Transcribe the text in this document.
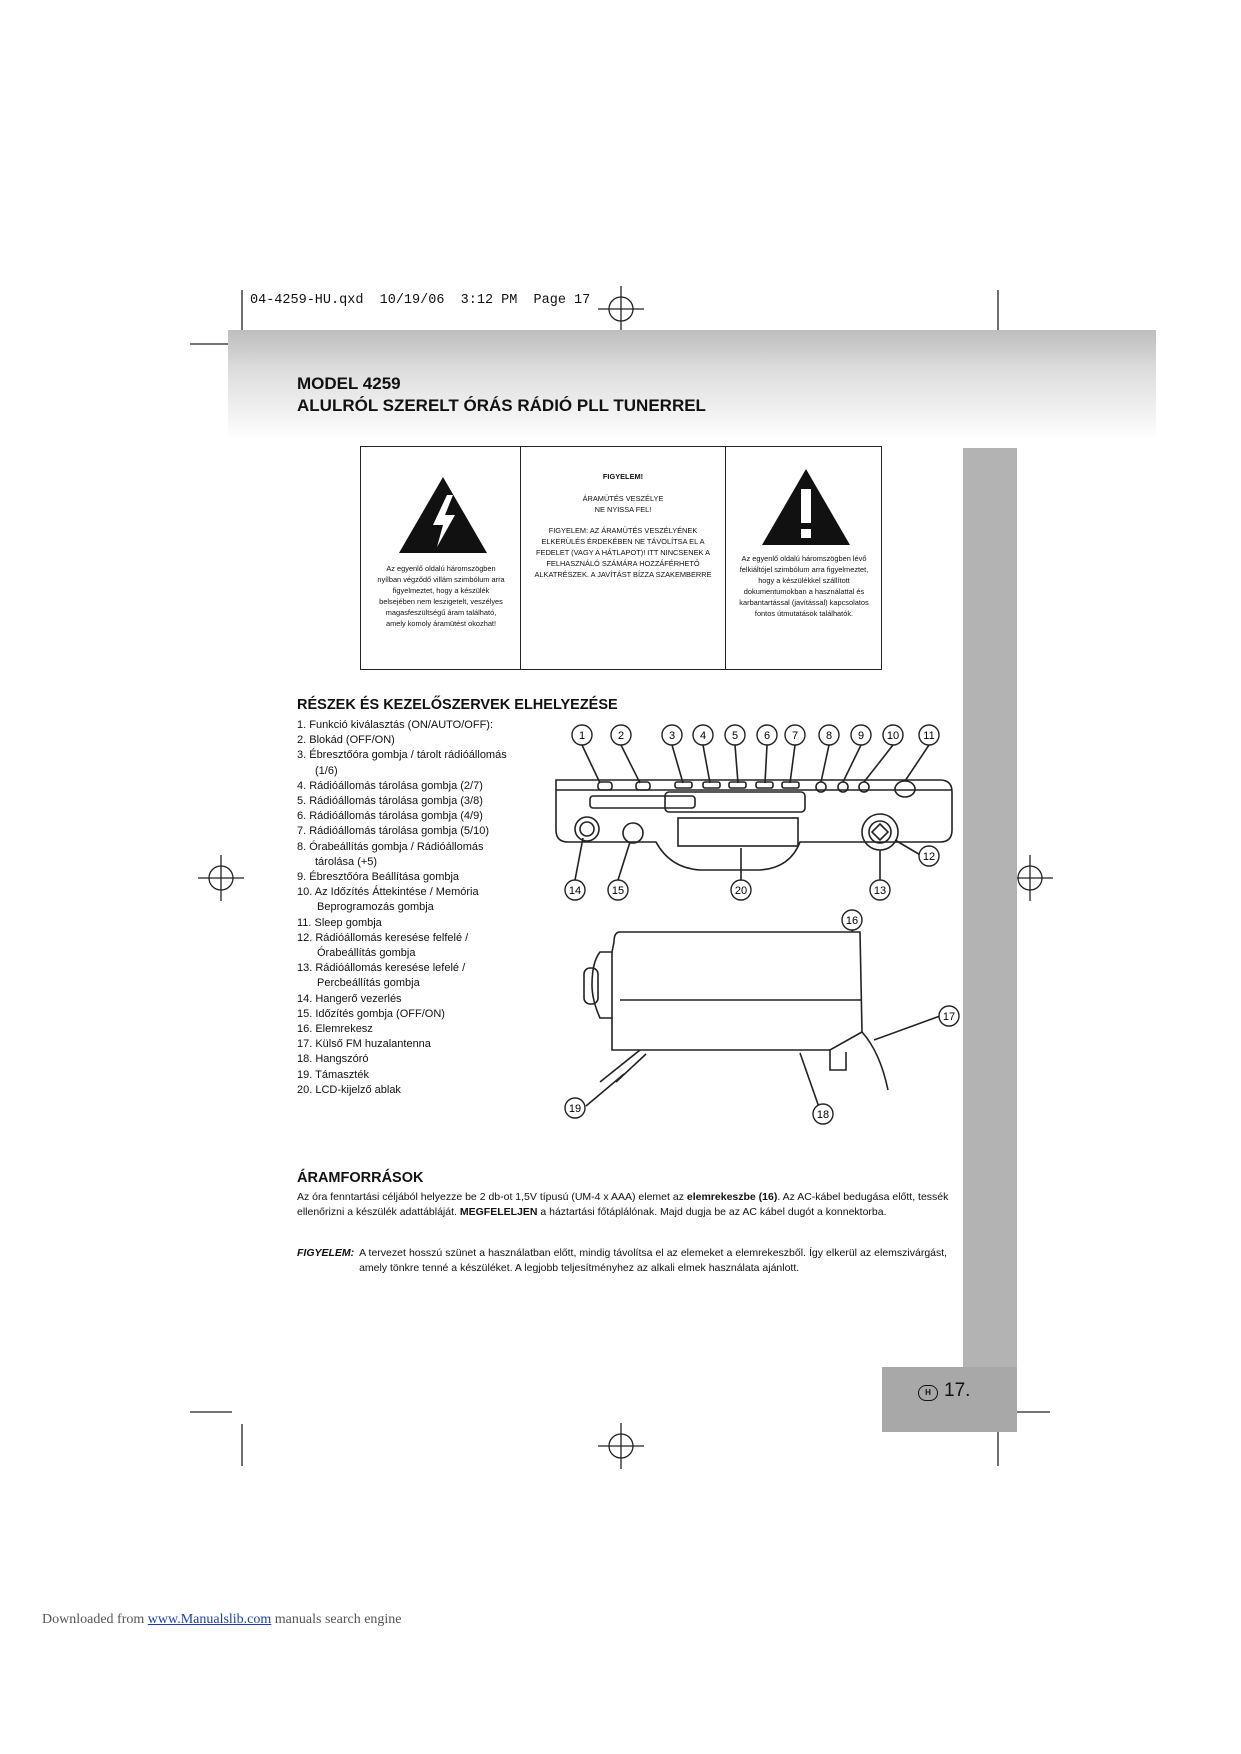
04-4259-HU.qxd  10/19/06  3:12 PM  Page 17
MODEL 4259
ALULRÓL SZERELT ÓRÁS RÁDIÓ PLL TUNERREL
Az egyenlő oldalú háromszögben nyílban végződő villám szimbólum arra figyelmeztet, hogy a készülék belsejében nem leszigetelt, veszélyes magasfeszültségű áram található, amely komoly áramütést okozhat!
FIGYELEM!
ÁRAMÜTÉS VESZÉLYE
NE NYISSA FEL!
FIGYELEM: AZ ÁRAMÜTÉS VESZÉLYÉNEK ELKERÜLÉS ÉRDEKÉBEN NE TÁVOLÍTSA EL A FEDELET (VAGY A HÁTLAPOT)! ITT NINCSENEK A FELHASZNÁLÓ SZÁMÁRA HOZZÁFÉRHETŐ ALKATRÉSZEK. A JAVÍTÁST BÍZZA SZAKEMBERRE
Az egyenlő oldalú háromszögben lévő felkiáltójel szimbólum arra figyelmeztet, hogy a készülékkel szállított dokumentumokban a használattal és karbantartással (javítással) kapcsolatos fontos útmutatások találhatók.
RÉSZEK ÉS KEZELŐSZERVEK ELHELYEZÉSE
1. Funkció kiválasztás (ON/AUTO/OFF):
2. Blokád (OFF/ON)
3. Ébresztőóra gombja / tárolt rádióállomás
(1/6)
4. Rádióállomás tárolása gombja (2/7)
5. Rádióállomás tárolása gombja (3/8)
6. Rádióállomás tárolása gombja (4/9)
7. Rádióállomás tárolása gombja (5/10)
8. Órabeállítás gombja / Rádióállomás
tárolása (+5)
9. Ébresztőóra Beállítása gombja
10. Az Időzítés Áttekintése / Memória
Beprogramozás gombja
11. Sleep gombja
12. Rádióállomás keresése felfelé /
Órabeállítás gombja
13. Rádióállomás keresése lefelé /
Percbeállítás gombja
14. Hangerő vezerlés
15. Időzítés gombja (OFF/ON)
16. Elemrekesz
17. Külső FM huzalantenna
18. Hangszóró
19. Támaszték
20. LCD-kijelző ablak
1	2	3 4 5 6 7	8 9 10 11
12
13
14	15	20
16
17
18
19
ÁRAMFORRÁSOK
Az óra fenntartási céljából helyezze be 2 db-ot 1,5V típusú (UM-4 x AAA) elemet az elemrekeszbe (16). Az AC-kábel bedugása előtt, tessék ellenőrizni a készülék adattábláját. MEGFELELJEN a háztartási főtáplálónak. Majd dugja be az AC kábel dugót a konnektorba.
FIGYELEM: A tervezet hosszú szünet a használatban előtt, mindig távolítsa el az elemeket a elemrekeszből. Így elkerül az elemszivárgást, amely tönkre tenné a készüléket. A legjobb teljesítményhez az alkali elmek használata ajánlott.
H 17.
Downloaded from www.Manualslib.com manuals search engine
